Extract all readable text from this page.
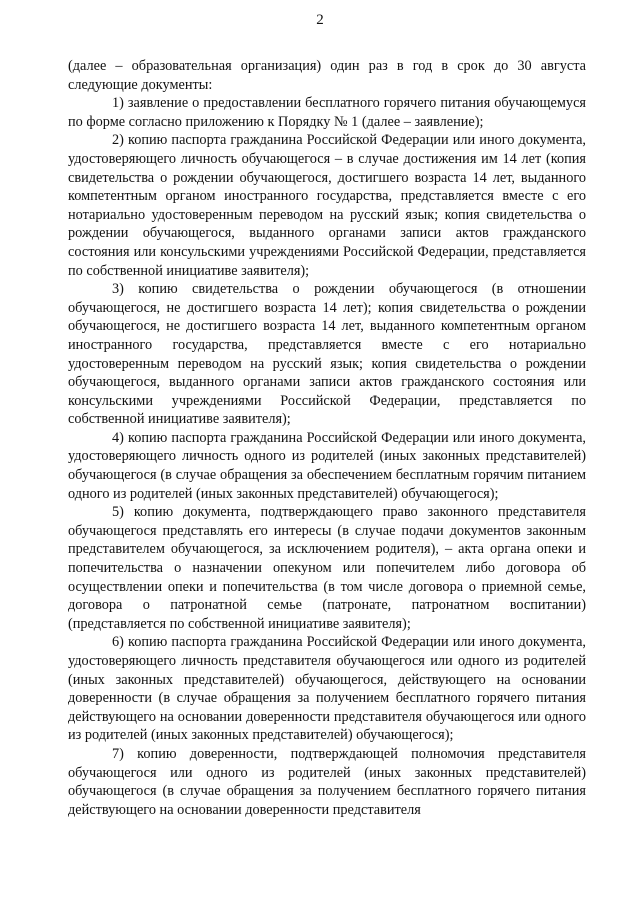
2

(далее – образовательная организация) один раз в год в срок до 30 августа следующие документы:

1) заявление о предоставлении бесплатного горячего питания обучающемуся по форме согласно приложению к Порядку № 1 (далее – заявление);

2) копию паспорта гражданина Российской Федерации или иного документа, удостоверяющего личность обучающегося – в случае достижения им 14 лет (копия свидетельства о рождении обучающегося, достигшего возраста 14 лет, выданного компетентным органом иностранного государства, представляется вместе с его нотариально удостоверенным переводом на русский язык; копия свидетельства о рождении обучающегося, выданного органами записи актов гражданского состояния или консульскими учреждениями Российской Федерации, представляется по собственной инициативе заявителя);

3) копию свидетельства о рождении обучающегося (в отношении обучающегося, не достигшего возраста 14 лет); копия свидетельства о рождении обучающегося, не достигшего возраста 14 лет, выданного компетентным органом иностранного государства, представляется вместе с его нотариально удостоверенным переводом на русский язык; копия свидетельства о рождении обучающегося, выданного органами записи актов гражданского состояния или консульскими учреждениями Российской Федерации, представляется по собственной инициативе заявителя);

4) копию паспорта гражданина Российской Федерации или иного документа, удостоверяющего личность одного из родителей (иных законных представителей) обучающегося (в случае обращения за обеспечением бесплатным горячим питанием одного из родителей (иных законных представителей) обучающегося);

5) копию документа, подтверждающего право законного представителя обучающегося представлять его интересы (в случае подачи документов законным представителем обучающегося, за исключением родителя), – акта органа опеки и попечительства о назначении опекуном или попечителем либо договора об осуществлении опеки и попечительства (в том числе договора о приемной семье, договора о патронатной семье (патронате, патронатном воспитании) (представляется по собственной инициативе заявителя);

6) копию паспорта гражданина Российской Федерации или иного документа, удостоверяющего личность представителя обучающегося или одного из родителей (иных законных представителей) обучающегося, действующего на основании доверенности (в случае обращения за получением бесплатного горячего питания действующего на основании доверенности представителя обучающегося или одного из родителей (иных законных представителей) обучающегося);

7) копию доверенности, подтверждающей полномочия представителя обучающегося или одного из родителей (иных законных представителей) обучающегося (в случае обращения за получением бесплатного горячего питания действующего на основании доверенности представителя
